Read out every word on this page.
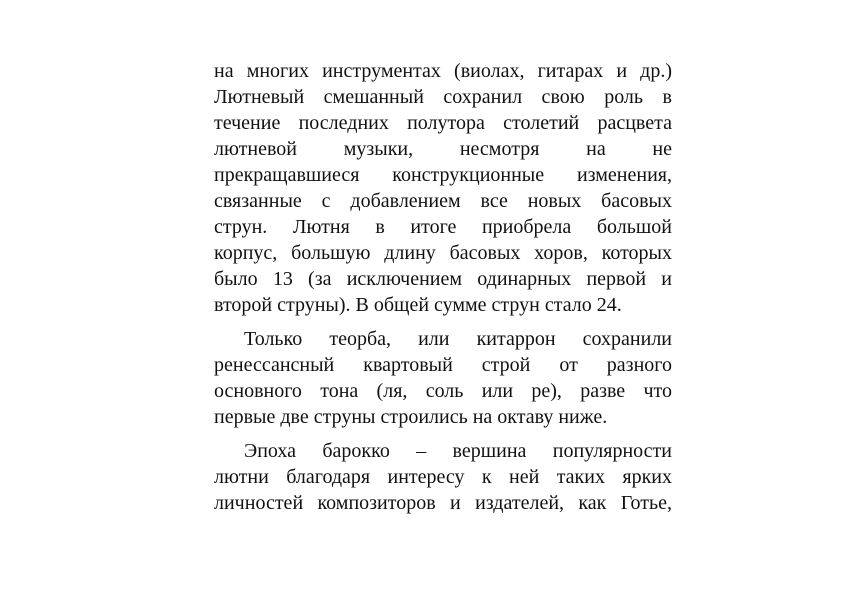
на многих инструментах (виолах, гитарах и др.)
Лютневый смешанный сохранил свою роль в
течение последних полутора столетий расцвета
лютневой музыки, несмотря на не
прекращавшиеся конструкционные изменения,
связанные с добавлением все новых басовых
струн. Лютня в итоге приобрела большой
корпус, большую длину басовых хоров, которых
было 13 (за исключением одинарных первой и
второй струны). В общей сумме струн стало 24.
Только теорба, или китаррон сохранили
ренессансный квартовый строй от разного
основного тона (ля, соль или ре), разве что
первые две струны строились на октаву ниже.
Эпоха барокко – вершина популярности
лютни благодаря интересу к ней таких ярких
личностей композиторов и издателей, как Готье,
